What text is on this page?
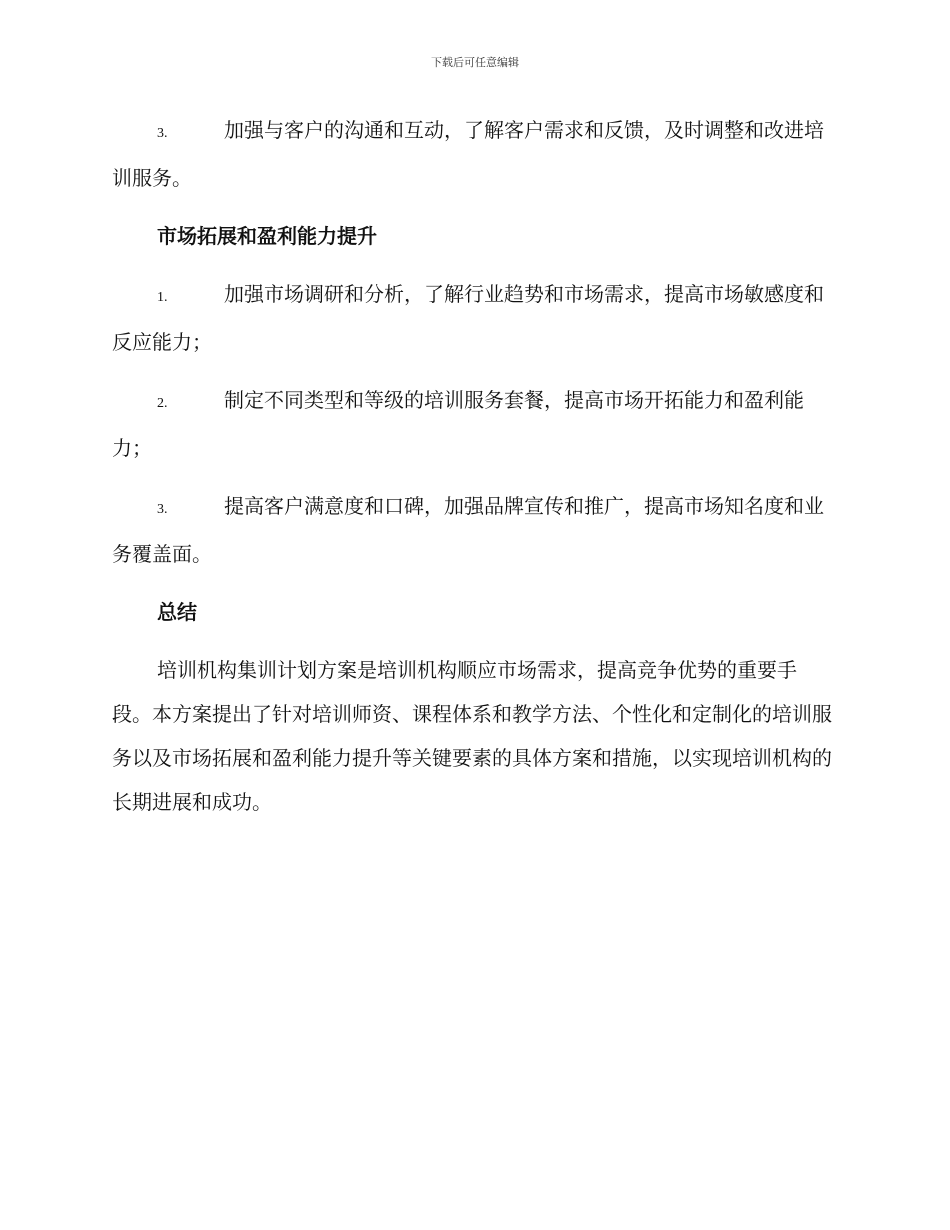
下载后可任意编辑

3.	加强与客户的沟通和互动，了解客户需求和反馈，及时调整和改进培训服务。

市场拓展和盈利能力提升

1.	加强市场调研和分析，了解行业趋势和市场需求，提高市场敏感度和反应能力；

2.	制定不同类型和等级的培训服务套餐，提高市场开拓能力和盈利能力；

3.	提高客户满意度和口碑，加强品牌宣传和推广，提高市场知名度和业务覆盖面。

总结

培训机构集训计划方案是培训机构顺应市场需求，提高竞争优势的重要手段。本方案提出了针对培训师资、课程体系和教学方法、个性化和定制化的培训服务以及市场拓展和盈利能力提升等关键要素的具体方案和措施，以实现培训机构的长期进展和成功。
